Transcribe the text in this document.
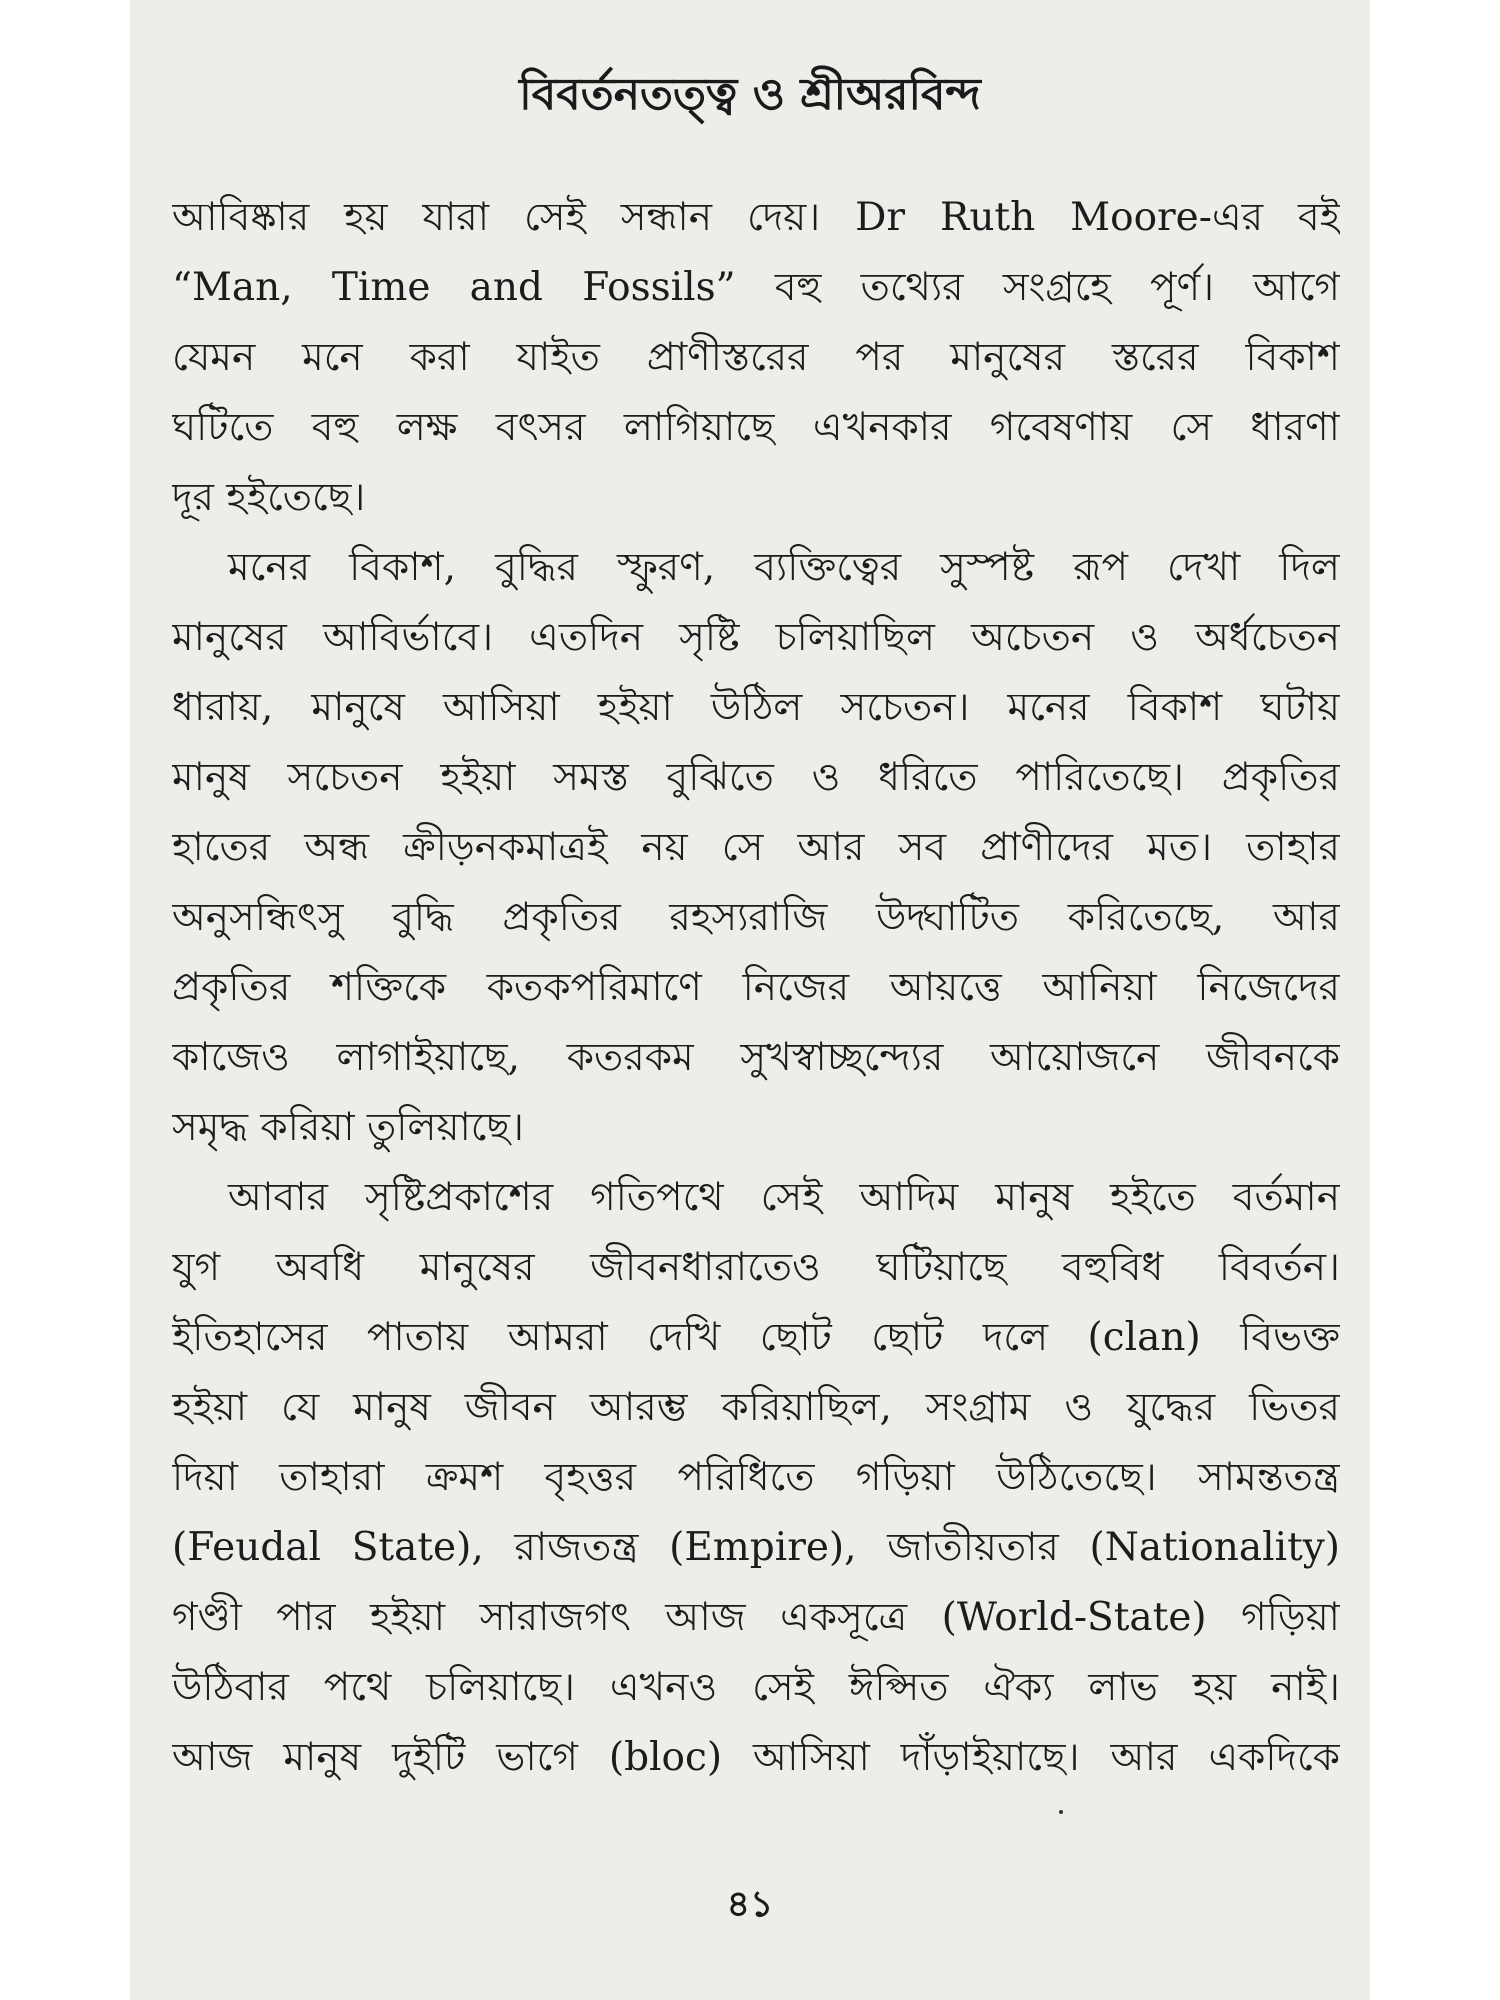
বিবর্তনতত্ত্ব ও শ্রীঅরবিন্দ
আবিষ্কার হয় যারা সেই সন্ধান দেয়। Dr Ruth Moore-এর বই
“Man, Time and Fossils” বহু তথ্যের সংগ্রহে পূর্ণ। আগে
যেমন মনে করা যাইত প্রাণীস্তরের পর মানুষের স্তরের বিকাশ
ঘটিতে বহু লক্ষ বৎসর লাগিয়াছে এখনকার গবেষণায় সে ধারণা
দূর হইতেছে।
মনের বিকাশ, বুদ্ধির স্ফুরণ, ব্যক্তিত্বের সুস্পষ্ট রূপ দেখা দিল
মানুষের আবির্ভাবে। এতদিন সৃষ্টি চলিয়াছিল অচেতন ও অর্ধচেতন
ধারায়, মানুষে আসিয়া হইয়া উঠিল সচেতন। মনের বিকাশ ঘটায়
মানুষ সচেতন হইয়া সমস্ত বুঝিতে ও ধরিতে পারিতেছে। প্রকৃতির
হাতের অন্ধ ক্রীড়নকমাত্রই নয় সে আর সব প্রাণীদের মত। তাহার
অনুসন্ধিৎসু বুদ্ধি প্রকৃতির রহস্যরাজি উদ্ঘাটিত করিতেছে, আর
প্রকৃতির শক্তিকে কতকপরিমাণে নিজের আয়ত্তে আনিয়া নিজেদের
কাজেও লাগাইয়াছে, কতরকম সুখস্বাচ্ছন্দ্যের আয়োজনে জীবনকে
সমৃদ্ধ করিয়া তুলিয়াছে।
আবার সৃষ্টিপ্রকাশের গতিপথে সেই আদিম মানুষ হইতে বর্তমান
যুগ অবধি মানুষের জীবনধারাতেও ঘটিয়াছে বহুবিধ বিবর্তন।
ইতিহাসের পাতায় আমরা দেখি ছোট ছোট দলে (clan) বিভক্ত
হইয়া যে মানুষ জীবন আরম্ভ করিয়াছিল, সংগ্রাম ও যুদ্ধের ভিতর
দিয়া তাহারা ক্রমশ বৃহত্তর পরিধিতে গড়িয়া উঠিতেছে। সামন্ততন্ত্র
(Feudal State), রাজতন্ত্র (Empire), জাতীয়তার (Nationality)
গণ্ডী পার হইয়া সারাজগৎ আজ একসূত্রে (World-State) গড়িয়া
উঠিবার পথে চলিয়াছে। এখনও সেই ঈপ্সিত ঐক্য লাভ হয় নাই।
আজ মানুষ দুইটি ভাগে (bloc) আসিয়া দাঁড়াইয়াছে। আর একদিকে
৪১
